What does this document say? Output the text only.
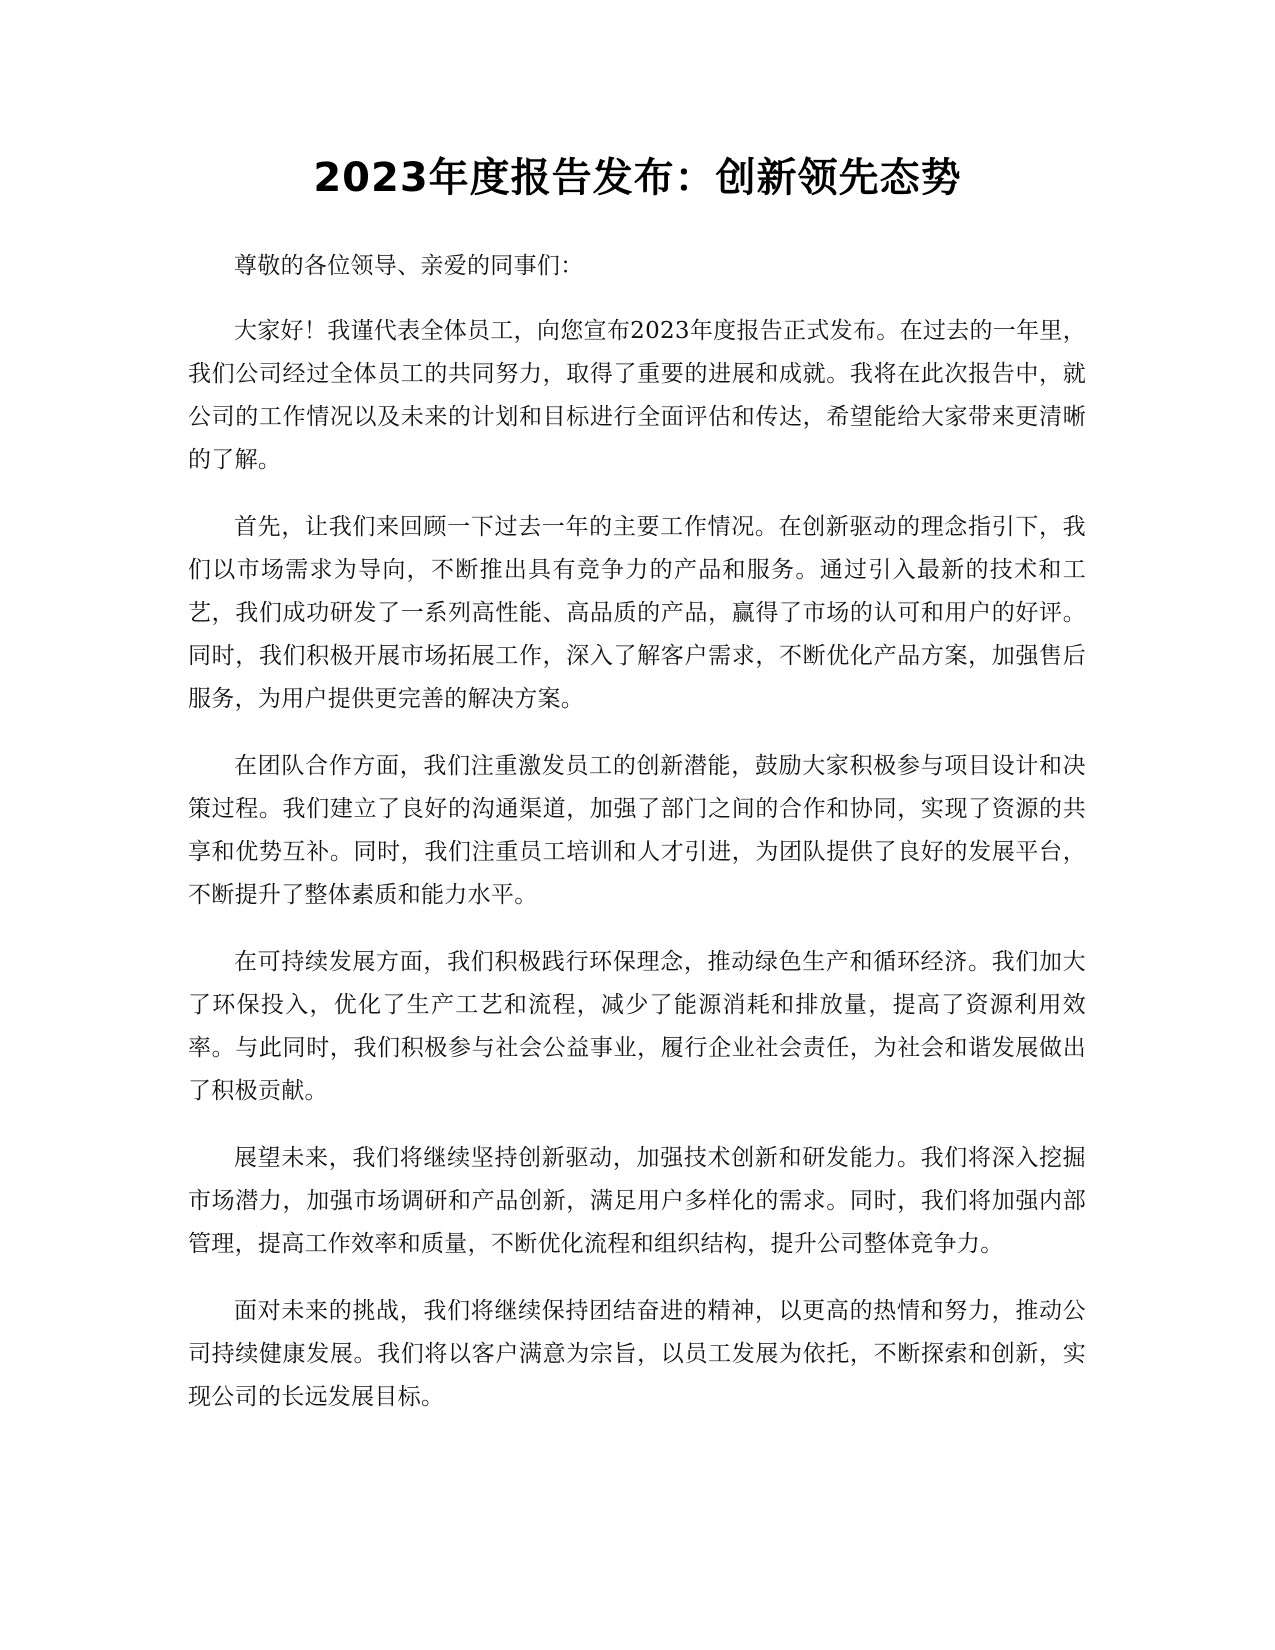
2023年度报告发布：创新领先态势

尊敬的各位领导、亲爱的同事们：

大家好！我谨代表全体员工，向您宣布2023年度报告正式发布。在过去的一年里，我们公司经过全体员工的共同努力，取得了重要的进展和成就。我将在此次报告中，就公司的工作情况以及未来的计划和目标进行全面评估和传达，希望能给大家带来更清晰的了解。

首先，让我们来回顾一下过去一年的主要工作情况。在创新驱动的理念指引下，我们以市场需求为导向，不断推出具有竞争力的产品和服务。通过引入最新的技术和工艺，我们成功研发了一系列高性能、高品质的产品，赢得了市场的认可和用户的好评。同时，我们积极开展市场拓展工作，深入了解客户需求，不断优化产品方案，加强售后服务，为用户提供更完善的解决方案。

在团队合作方面，我们注重激发员工的创新潜能，鼓励大家积极参与项目设计和决策过程。我们建立了良好的沟通渠道，加强了部门之间的合作和协同，实现了资源的共享和优势互补。同时，我们注重员工培训和人才引进，为团队提供了良好的发展平台，不断提升了整体素质和能力水平。

在可持续发展方面，我们积极践行环保理念，推动绿色生产和循环经济。我们加大了环保投入，优化了生产工艺和流程，减少了能源消耗和排放量，提高了资源利用效率。与此同时，我们积极参与社会公益事业，履行企业社会责任，为社会和谐发展做出了积极贡献。

展望未来，我们将继续坚持创新驱动，加强技术创新和研发能力。我们将深入挖掘市场潜力，加强市场调研和产品创新，满足用户多样化的需求。同时，我们将加强内部管理，提高工作效率和质量，不断优化流程和组织结构，提升公司整体竞争力。

面对未来的挑战，我们将继续保持团结奋进的精神，以更高的热情和努力，推动公司持续健康发展。我们将以客户满意为宗旨，以员工发展为依托，不断探索和创新，实现公司的长远发展目标。
